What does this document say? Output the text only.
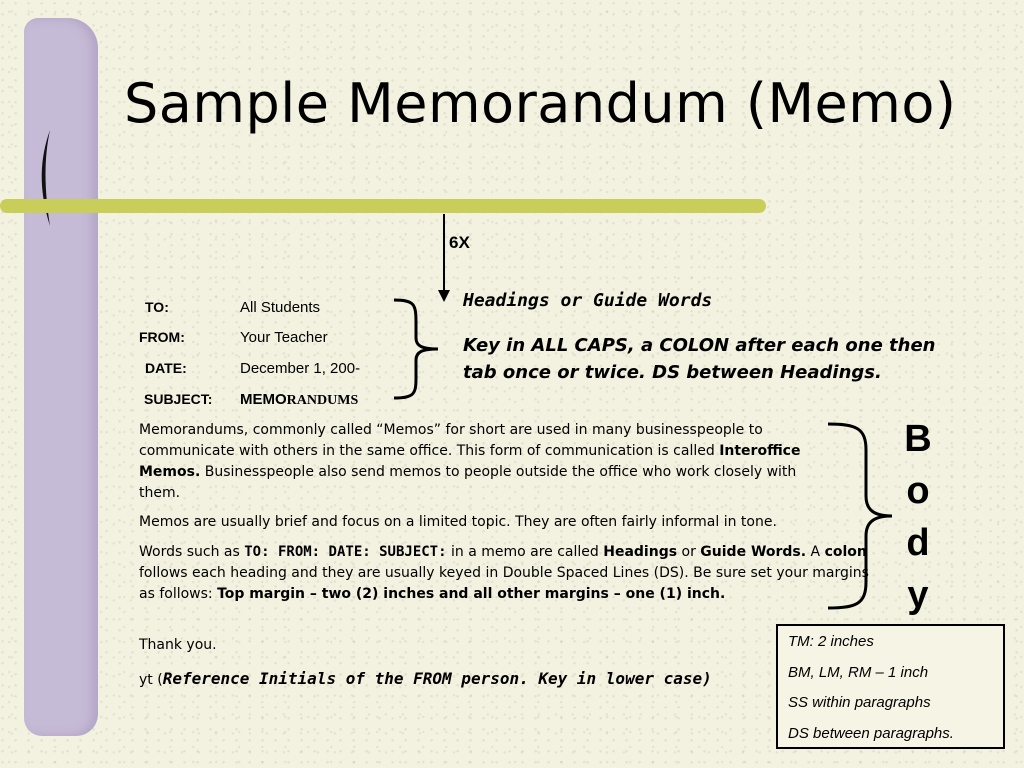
Sample Memorandum (Memo)
6X
TO:	All Students
FROM:	Your Teacher
DATE:	December 1, 200-
SUBJECT: MEMORANDUMS
Headings or Guide Words
Key in ALL CAPS, a COLON after each one then tab once or twice. DS between Headings.
Memorandums, commonly called “Memos” for short are used in many businesspeople to communicate with others in the same office. This form of communication is called Interoffice Memos. Businesspeople also send memos to people outside the office who work closely with them.
Memos are usually brief and focus on a limited topic. They are often fairly informal in tone.
Words such as TO: FROM: DATE: SUBJECT: in a memo are called Headings or Guide Words. A colon follows each heading and they are usually keyed in Double Spaced Lines (DS). Be sure set your margins as follows: Top margin – two (2) inches and all other margins – one (1) inch.
Thank you.
yt (Reference Initials of the FROM person. Key in lower case)
B
o
d
y
TM: 2 inches
BM, LM, RM – 1 inch
SS within paragraphs
DS between paragraphs.
